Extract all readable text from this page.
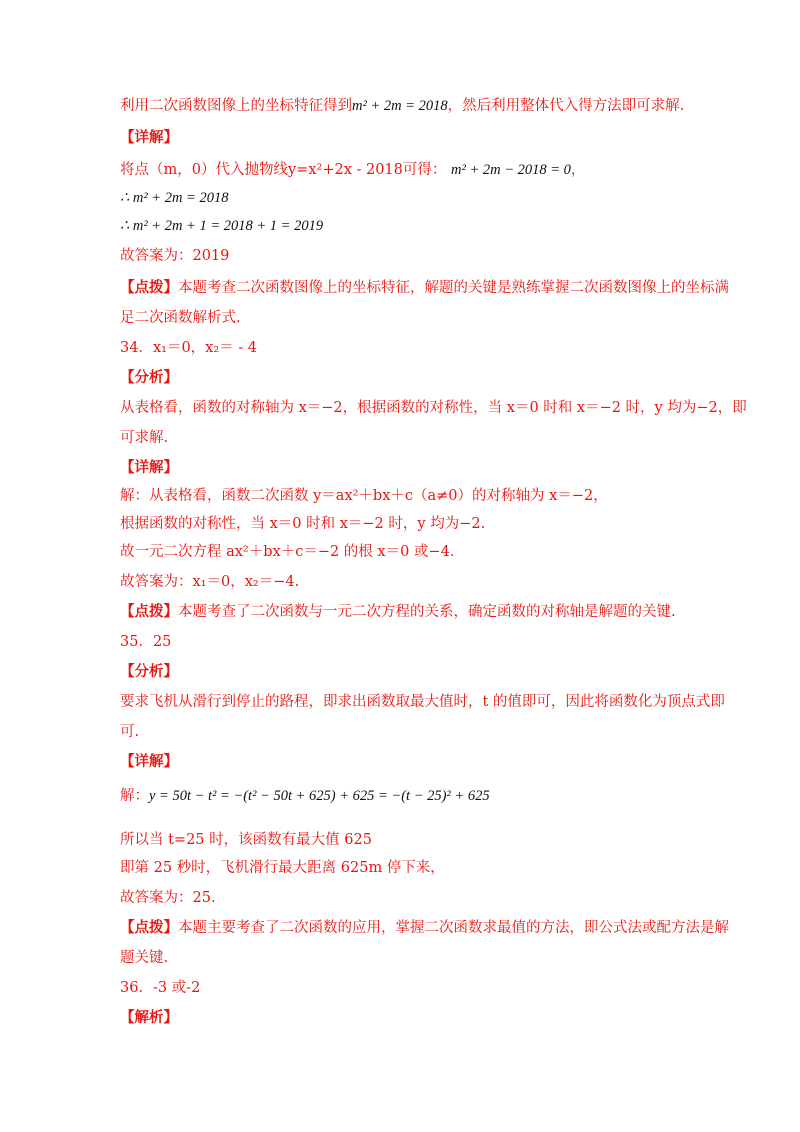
利用二次函数图像上的坐标特征得到m² + 2m = 2018，然后利用整体代入得方法即可求解.
【详解】
将点（m，0）代入抛物线y=x²+2x - 2018可得： m² + 2m − 2018 = 0，
∴ m² + 2m = 2018
∴ m² + 2m + 1 = 2018 + 1 = 2019
故答案为：2019
【点拨】本题考查二次函数图像上的坐标特征，解题的关键是熟练掌握二次函数图像上的坐标满
足二次函数解析式.
34．x₁＝0，x₂＝ - 4
【分析】
从表格看，函数的对称轴为 x＝−2，根据函数的对称性，当 x＝0 时和 x＝−2 时，y 均为−2，即
可求解.
【详解】
解：从表格看，函数二次函数 y＝ax²＋bx＋c（a≠0）的对称轴为 x＝−2，
根据函数的对称性，当 x＝0 时和 x＝−2 时，y 均为−2.
故一元二次方程 ax²＋bx＋c＝−2 的根 x＝0 或−4.
故答案为：x₁＝0，x₂＝−4.
【点拨】本题考查了二次函数与一元二次方程的关系，确定函数的对称轴是解题的关键.
35．25
【分析】
要求飞机从滑行到停止的路程，即求出函数取最大值时，t 的值即可，因此将函数化为顶点式即
可.
【详解】
解：y = 50t − t² = −(t² − 50t + 625) + 625 = −(t − 25)² + 625
所以当 t=25 时，该函数有最大值 625
即第 25 秒时，飞机滑行最大距离 625m 停下来，
故答案为：25.
【点拨】本题主要考查了二次函数的应用，掌握二次函数求最值的方法，即公式法或配方法是解
题关键.
36．-3 或-2
【解析】
